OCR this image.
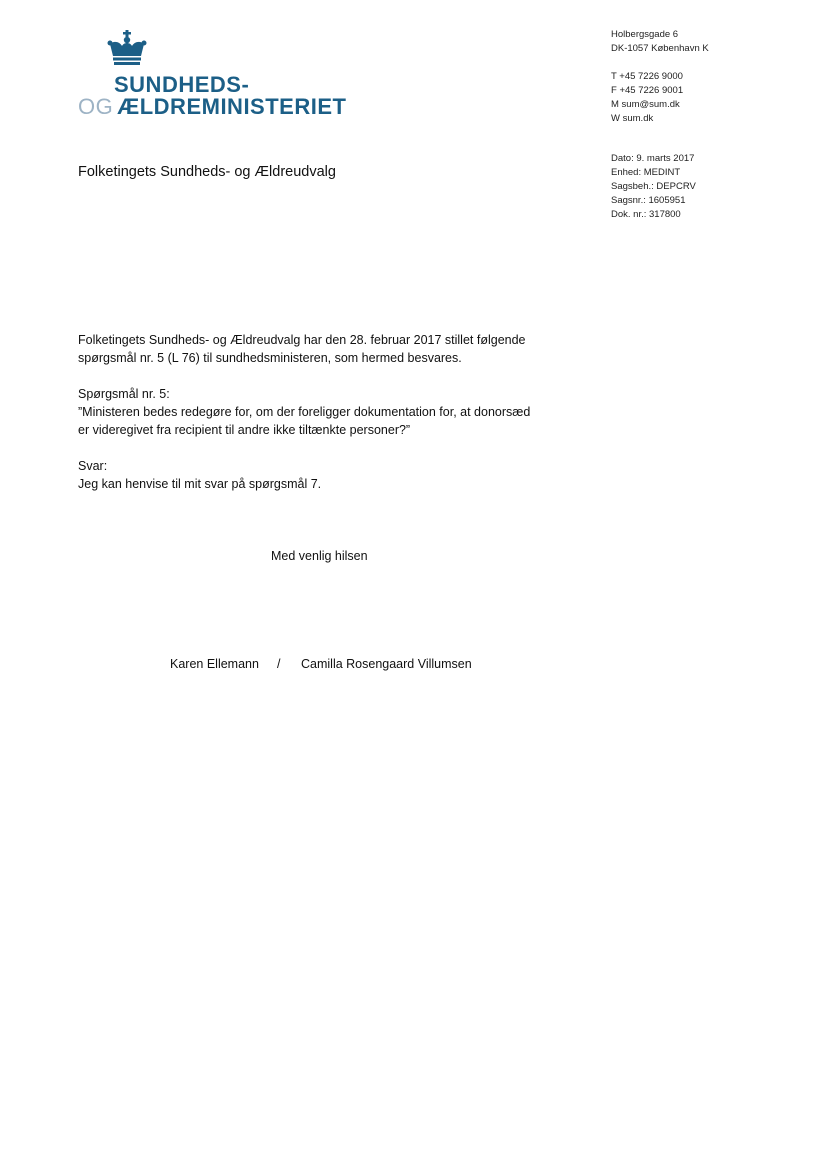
SUNDHEDS-
OG ÆLDREMINISTERIET
Holbergsgade 6
DK-1057 København K
T +45 7226 9000
F +45 7226 9001
M sum@sum.dk
W sum.dk
Dato: 9. marts 2017
Enhed: MEDINT
Sagsbeh.: DEPCRV
Sagsnr.: 1605951
Dok. nr.: 317800
Folketingets Sundheds- og Ældreudvalg

Folketingets Sundheds- og Ældreudvalg har den 28. februar 2017 stillet følgende

spørgsmål nr. 5 (L 76) til sundhedsministeren, som hermed besvares.

Spørgsmål nr. 5:

”Ministeren bedes redegøre for, om der foreligger dokumentation for, at donorsæd

er videregivet fra recipient til andre ikke tiltænkte personer?”

Svar:

Jeg kan henvise til mit svar på spørgsmål 7.

Med venlig hilsen
Karen Ellemann / Camilla Rosengaard Villumsen
